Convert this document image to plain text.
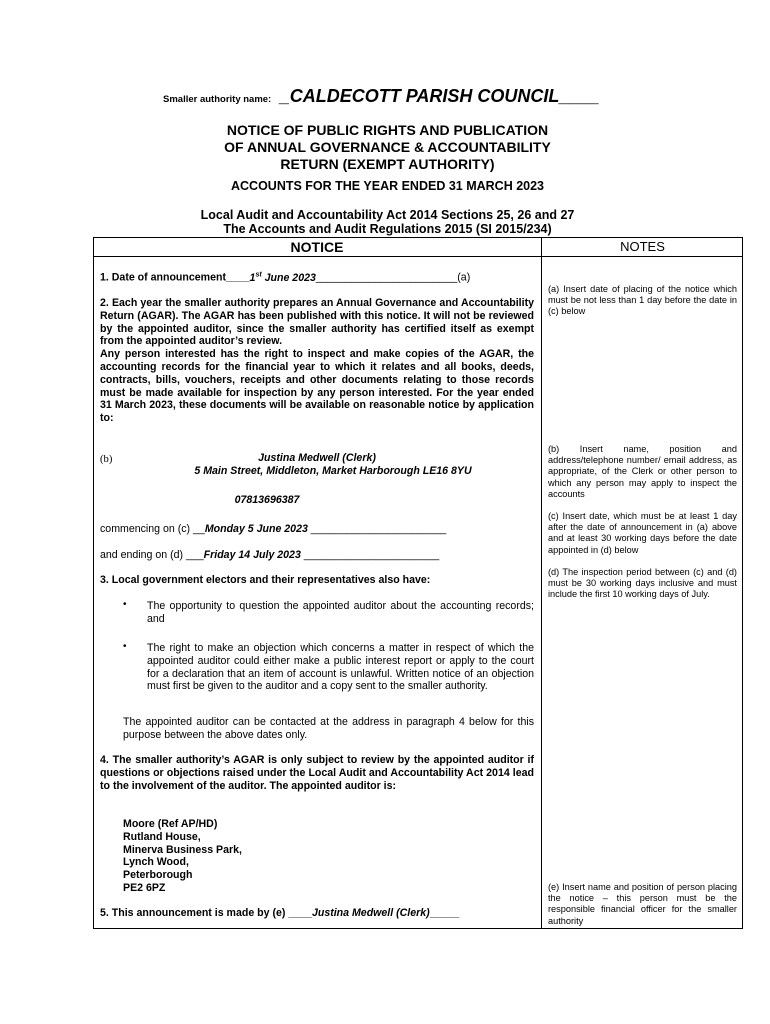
Smaller authority name: _CALDECOTT PARISH COUNCIL____
NOTICE OF PUBLIC RIGHTS AND PUBLICATION
OF ANNUAL GOVERNANCE & ACCOUNTABILITY
RETURN (EXEMPT AUTHORITY)
ACCOUNTS FOR THE YEAR ENDED 31 MARCH 2023
Local Audit and Accountability Act 2014 Sections 25, 26 and 27
The Accounts and Audit Regulations 2015 (SI 2015/234)
NOTICE	NOTES
1. Date of announcement____1st June 2023________________________(a)
2. Each year the smaller authority prepares an Annual Governance and Accountability Return (AGAR). The AGAR has been published with this notice. It will not be reviewed by the appointed auditor, since the smaller authority has certified itself as exempt from the appointed auditor’s review.
Any person interested has the right to inspect and make copies of the AGAR, the accounting records for the financial year to which it relates and all books, deeds, contracts, bills, vouchers, receipts and other documents relating to those records must be made available for inspection by any person interested. For the year ended 31 March 2023, these documents will be available on reasonable notice by application to:
(b)	Justina Medwell (Clerk)
5 Main Street, Middleton, Market Harborough LE16 8YU
07813696387
commencing on (c) __Monday 5 June 2023 _______________________
and ending on (d) ___Friday 14 July 2023 _______________________
3. Local government electors and their representatives also have:
• The opportunity to question the appointed auditor about the accounting records; and
• The right to make an objection which concerns a matter in respect of which the appointed auditor could either make a public interest report or apply to the court for a declaration that an item of account is unlawful. Written notice of an objection must first be given to the auditor and a copy sent to the smaller authority.
The appointed auditor can be contacted at the address in paragraph 4 below for this purpose between the above dates only.
4. The smaller authority’s AGAR is only subject to review by the appointed auditor if questions or objections raised under the Local Audit and Accountability Act 2014 lead to the involvement of the auditor. The appointed auditor is:
Moore (Ref AP/HD)
Rutland House,
Minerva Business Park,
Lynch Wood,
Peterborough
PE2 6PZ
5. This announcement is made by (e) ____Justina Medwell (Clerk)_____
(a) Insert date of placing of the notice which must be not less than 1 day before the date in (c) below
(b) Insert name, position and address/telephone number/ email address, as appropriate, of the Clerk or other person to which any person may apply to inspect the accounts
(c) Insert date, which must be at least 1 day after the date of announcement in (a) above and at least 30 working days before the date appointed in (d) below
(d) The inspection period between (c) and (d) must be 30 working days inclusive and must include the first 10 working days of July.
(e) Insert name and position of person placing the notice – this person must be the responsible financial officer for the smaller authority
